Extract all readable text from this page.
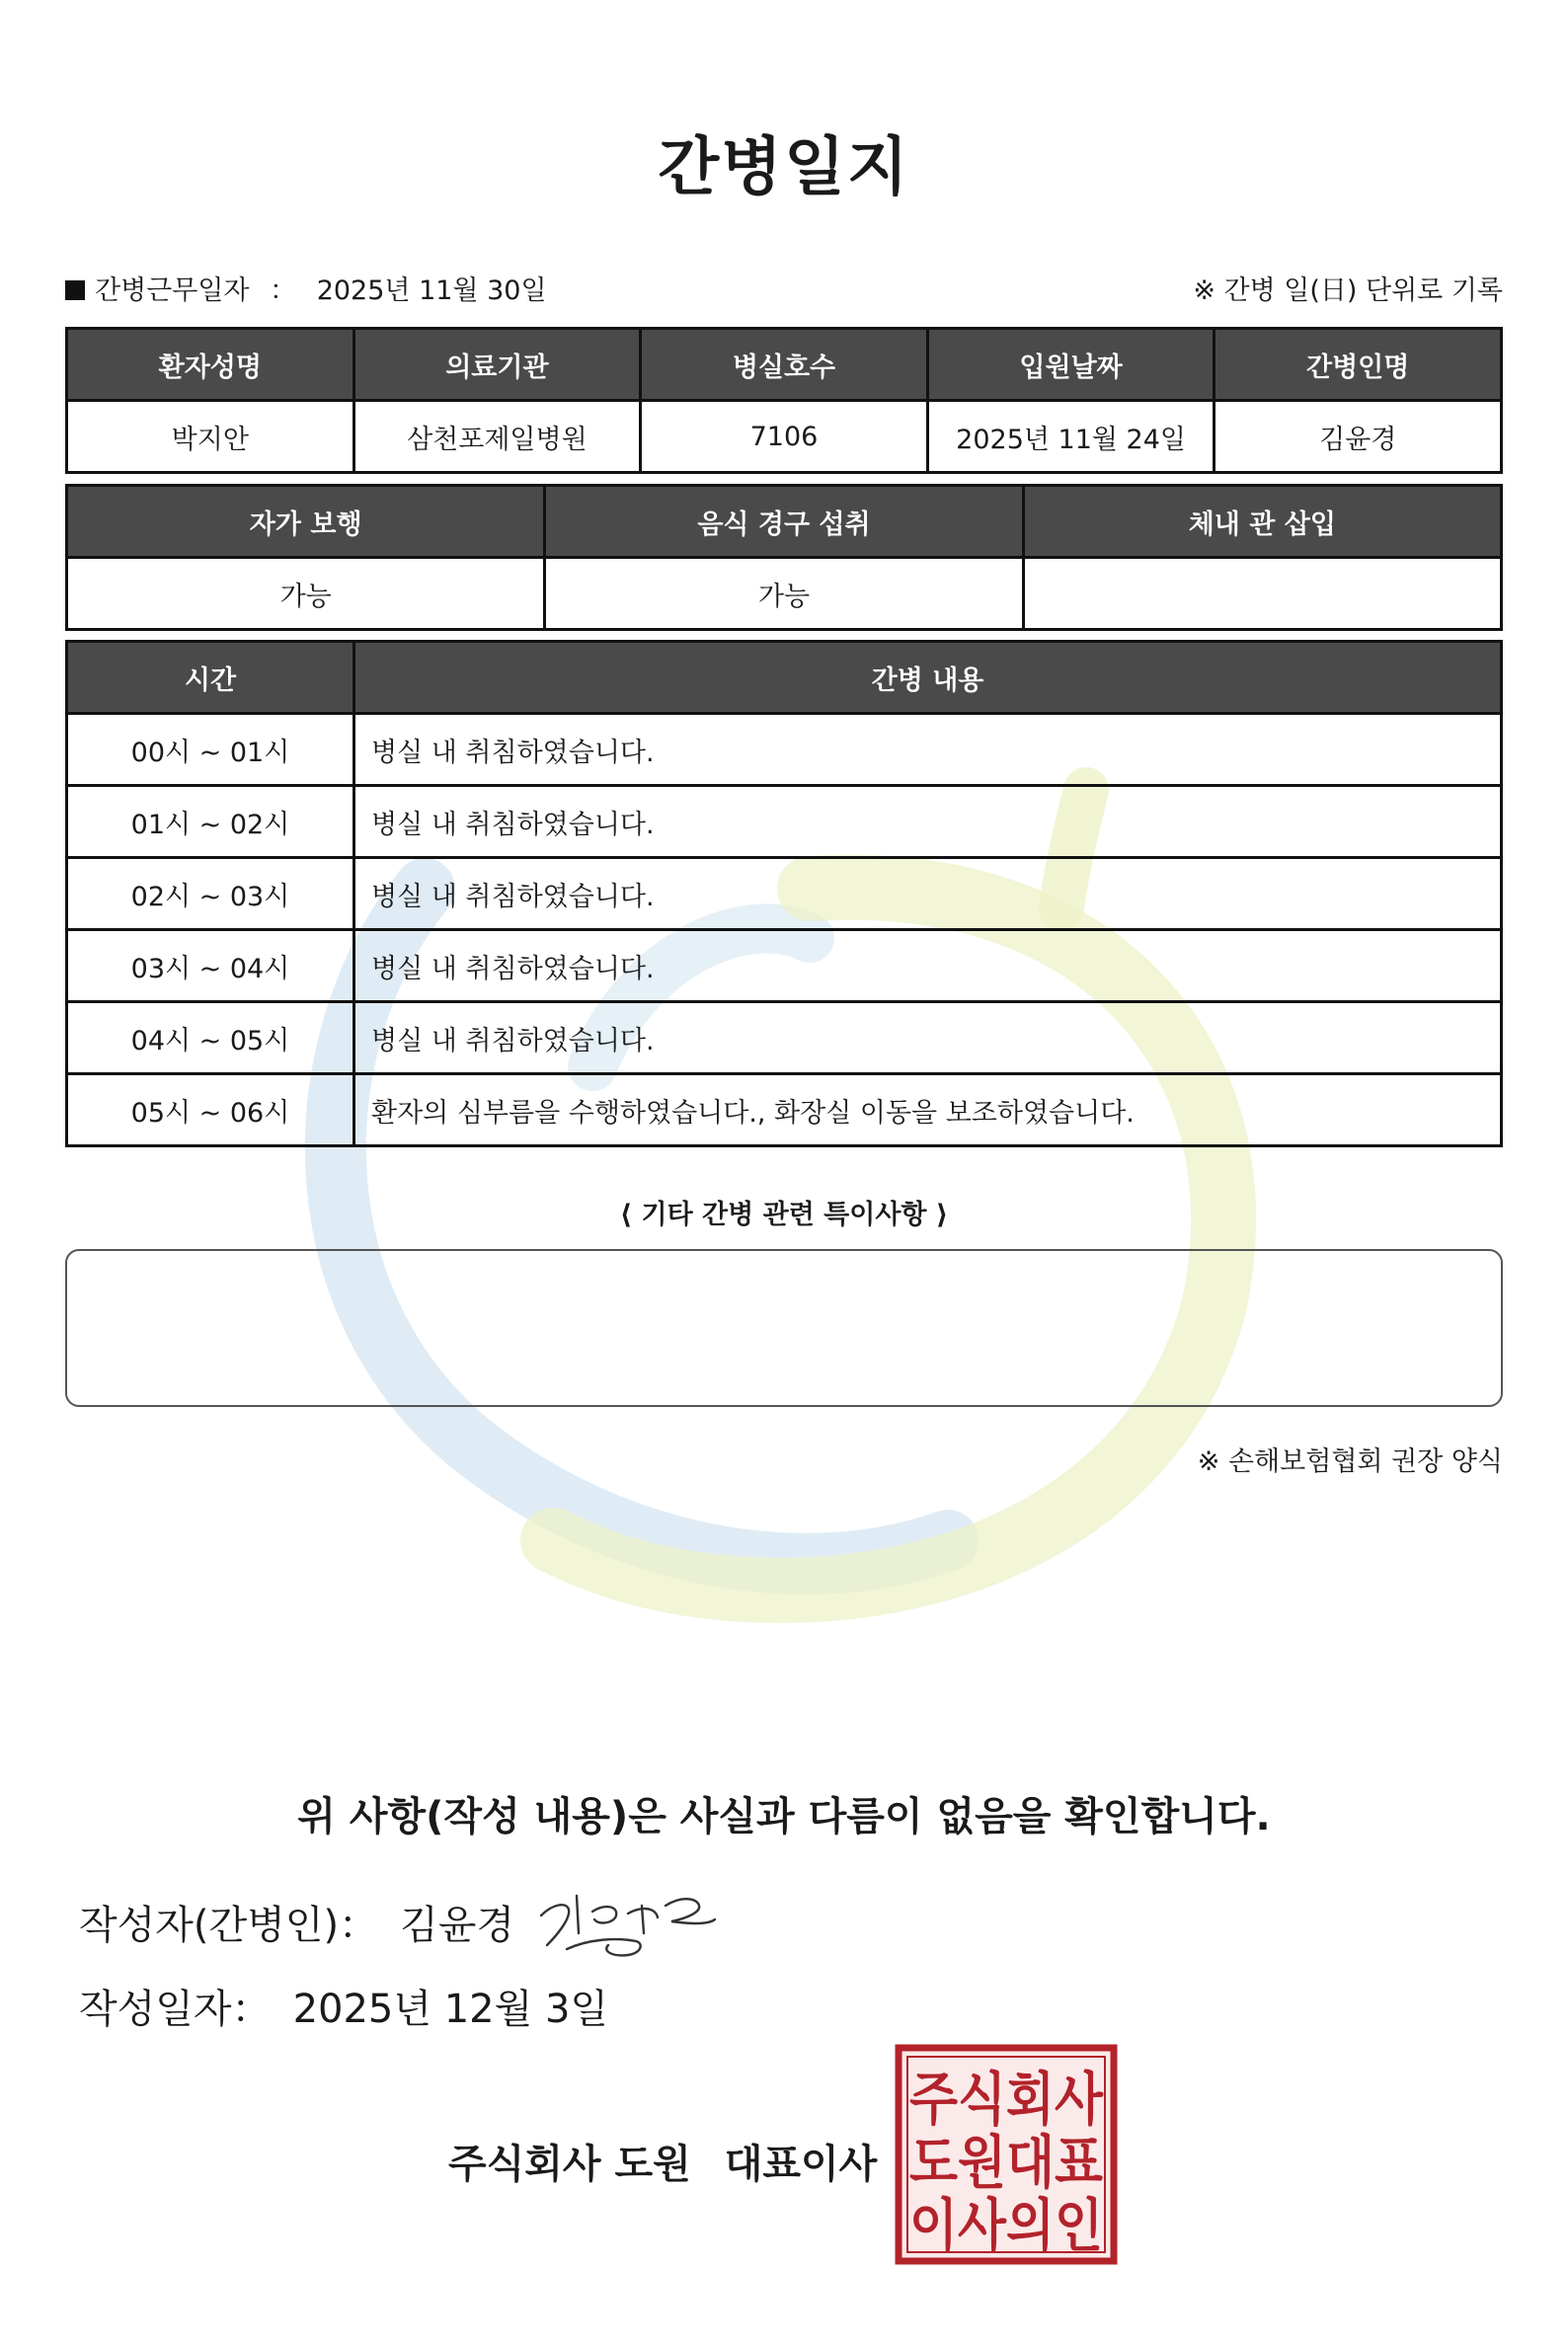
간병일지
간병근무일자 ： 2025년 11월 30일	※ 간병 일(日) 단위로 기록
환자성명	의료기관	병실호수	입원날짜	간병인명
박지안	삼천포제일병원	7106	2025년 11월 24일	김윤경
자가 보행	음식 경구 섭취	체내 관 삽입
가능	가능	
시간	간병 내용
00시 ~ 01시	병실 내 취침하였습니다.
01시 ~ 02시	병실 내 취침하였습니다.
02시 ~ 03시	병실 내 취침하였습니다.
03시 ~ 04시	병실 내 취침하였습니다.
04시 ~ 05시	병실 내 취침하였습니다.
05시 ~ 06시	환자의 심부름을 수행하였습니다., 화장실 이동을 보조하였습니다.
⟨ 기타 간병 관련 특이사항 ⟩
※ 손해보험협회 권장 양식
위 사항(작성 내용)은 사실과 다름이 없음을 확인합니다.
작성자(간병인)： 김윤경
작성일자： 2025년 12월 3일
주식회사 도원 대표이사
주식회사
도원대표
이사의인
